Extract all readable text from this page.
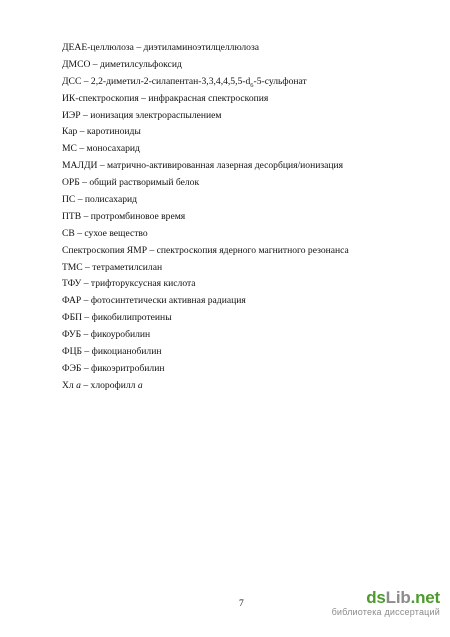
ДЕАЕ-целлюлоза – диэтиламиноэтилцеллюлоза
ДМСО – диметилсульфоксид
ДСС – $2,2-диметил-2-силапентан-3,3,4,4,5,5-d_6-5$-сульфонат
ИК-спектроскопия – инфракрасная спектроскопия
ИЭР – ионизация электрораспылением
Кар – каротиноиды
МС – моносахарид
МАЛДИ – матрично-активированная лазерная десорбция/ионизация
ОРБ – общий растворимый белок
ПС – полисахарид
ПТВ – протромбиновое время
СВ – сухое вещество
Спектроскопия ЯМР – спектроскопия ядерного магнитного резонанса
ТМС – тетраметилсилан
ТФУ – трифторуксусная кислота
ФАР – фотосинтетически активная радиация
ФБП – фикобилипротеины
ФУБ – фикоуробилин
ФЦБ – фикоцианобилин
ФЭБ – фикоэритробилин
Хл а – хлорофилл а
7	dsLib.net
библиотека диссертаций
